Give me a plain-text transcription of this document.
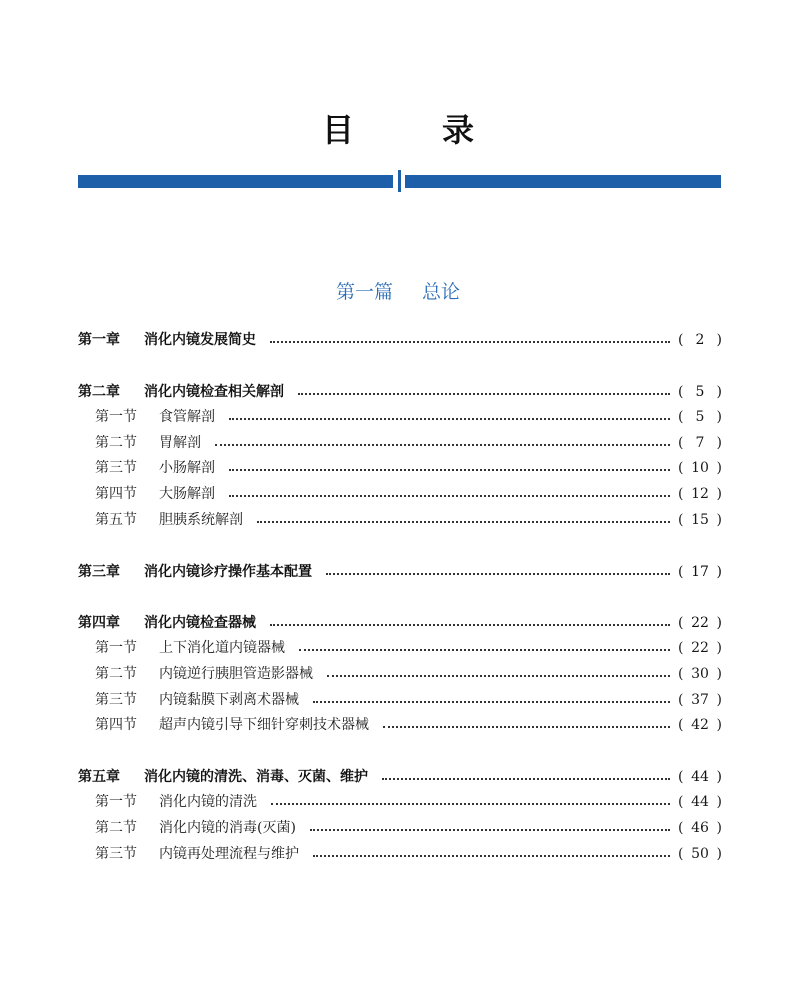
目	录
第一篇 总论
第一章	消化内镜发展简史	( 2 )
第二章	消化内镜检查相关解剖	( 5 )
第一节	食管解剖	( 5 )
第二节	胃解剖	( 7 )
第三节	小肠解剖	( 10 )
第四节	大肠解剖	( 12 )
第五节	胆胰系统解剖	( 15 )
第三章	消化内镜诊疗操作基本配置	( 17 )
第四章	消化内镜检查器械	( 22 )
第一节	上下消化道内镜器械	( 22 )
第二节	内镜逆行胰胆管造影器械	( 30 )
第三节	内镜黏膜下剥离术器械	( 37 )
第四节	超声内镜引导下细针穿刺技术器械	( 42 )
第五章	消化内镜的清洗、消毒、灭菌、维护	( 44 )
第一节	消化内镜的清洗	( 44 )
第二节	消化内镜的消毒(灭菌)	( 46 )
第三节	内镜再处理流程与维护	( 50 )
